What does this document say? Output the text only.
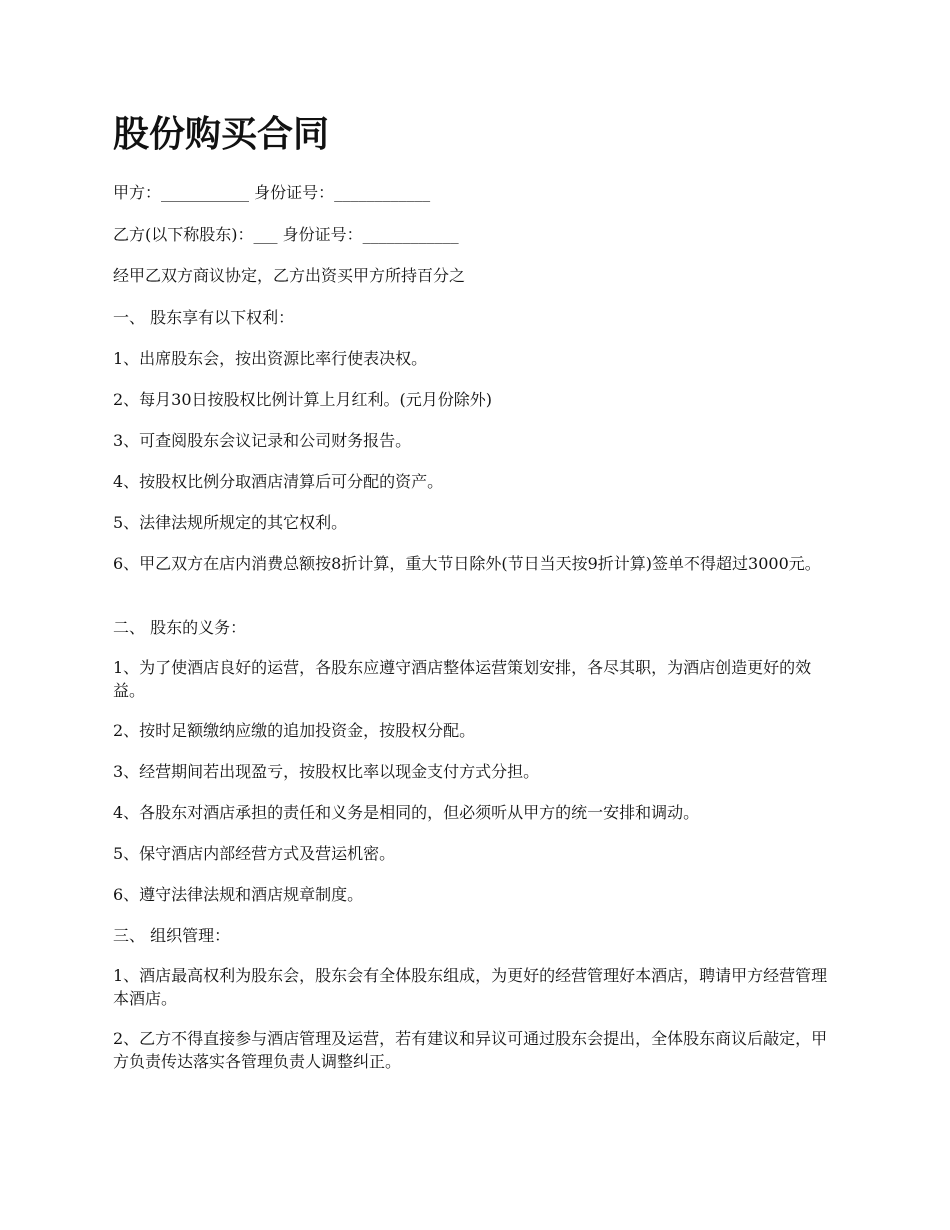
股份购买合同

甲方：___________ 身份证号：____________

乙方(以下称股东)：___ 身份证号：____________

经甲乙双方商议协定，乙方出资买甲方所持百分之

一、 股东享有以下权利：

1、出席股东会，按出资源比率行使表决权。

2、每月30日按股权比例计算上月红利。(元月份除外)

3、可查阅股东会议记录和公司财务报告。

4、按股权比例分取酒店清算后可分配的资产。

5、法律法规所规定的其它权利。

6、甲乙双方在店内消费总额按8折计算，重大节日除外(节日当天按9折计算)签单不得超过3000元。

二、 股东的义务：

1、为了使酒店良好的运营，各股东应遵守酒店整体运营策划安排，各尽其职，为酒店创造更好的效益。

2、按时足额缴纳应缴的追加投资金，按股权分配。

3、经营期间若出现盈亏，按股权比率以现金支付方式分担。

4、各股东对酒店承担的责任和义务是相同的，但必须听从甲方的统一安排和调动。

5、保守酒店内部经营方式及营运机密。

6、遵守法律法规和酒店规章制度。

三、 组织管理：

1、酒店最高权利为股东会，股东会有全体股东组成，为更好的经营管理好本酒店，聘请甲方经营管理本酒店。

2、乙方不得直接参与酒店管理及运营，若有建议和异议可通过股东会提出，全体股东商议后敲定，甲方负责传达落实各管理负责人调整纠正。
